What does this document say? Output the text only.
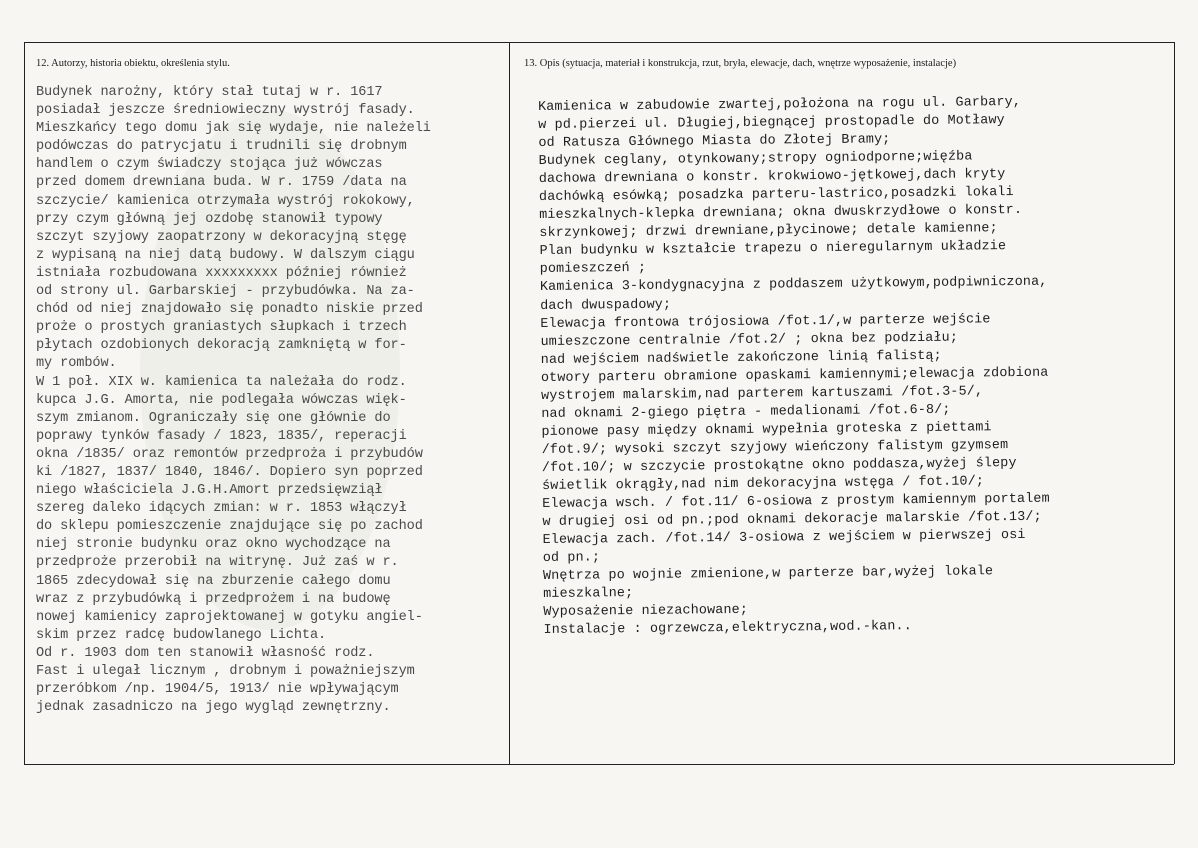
12. Autorzy, historia obiektu, określenia stylu.	13. Opis (sytuacja, materiał i konstrukcja, rzut, bryła, elewacje, dach, wnętrze wyposażenie, instalacje)
Budynek narożny, który stał tutaj w r. 1617
posiadał jeszcze średniowieczny wystrój fasady.
Mieszkańcy tego domu jak się wydaje, nie należeli
podówczas do patrycjatu i trudnili się drobnym
handlem o czym świadczy stojąca już wówczas
przed domem drewniana buda. W r. 1759 /data na
szczycie/ kamienica otrzymała wystrój rokokowy,
przy czym główną jej ozdobę stanowił typowy
szczyt szyjowy zaopatrzony w dekoracyjną stęgę
z wypisaną na niej datą budowy. W dalszym ciągu
istniała rozbudowana xxxxxxxxx później również
od strony ul. Garbarskiej - przybudówka. Na za-
chód od niej znajdowało się ponadto niskie przed
proże o prostych graniastych słupkach i trzech
płytach ozdobionych dekoracją zamkniętą w for-
my rombów.
W 1 poł. XIX w. kamienica ta należała do rodz.
kupca J.G. Amorta, nie podlegała wówczas więk-
szym zmianom. Ograniczały się one głównie do
poprawy tynków fasady / 1823, 1835/, reperacji
okna /1835/ oraz remontów przedproża i przybudów
ki /1827, 1837/ 1840, 1846/. Dopiero syn poprzed
niego właściciela J.G.H.Amort przedsięwziął
szereg daleko idących zmian: w r. 1853 włączył
do sklepu pomieszczenie znajdujące się po zachod
niej stronie budynku oraz okno wychodzące na
przedproże przerobił na witrynę. Już zaś w r.
1865 zdecydował się na zburzenie całego domu
wraz z przybudówką i przedprożem i na budowę
nowej kamienicy zaprojektowanej w gotyku angiel-
skim przez radcę budowlanego Lichta.
Od r. 1903 dom ten stanowił własność rodz.
Fast i ulegał licznym , drobnym i poważniejszym
przeróbkom /np. 1904/5, 1913/ nie wpływającym
jednak zasadniczo na jego wygląd zewnętrzny.
Kamienica w zabudowie zwartej,położona na rogu ul. Garbary,
w pd.pierzei ul. Długiej,biegnącej prostopadle do Motławy
od Ratusza Głównego Miasta do Złotej Bramy;
Budynek ceglany, otynkowany;stropy ogniodporne;więźba
dachowa drewniana o konstr. krokwiowo-jętkowej,dach kryty
dachówką esówką; posadzka parteru-lastrico,posadzki lokali
mieszkalnych-klepka drewniana; okna dwuskrzydłowe o konstr.
skrzynkowej; drzwi drewniane,płycinowe; detale kamienne;
Plan budynku w kształcie trapezu o nieregularnym układzie
pomieszczeń ;
Kamienica 3-kondygnacyjna z poddaszem użytkowym,podpiwniczona,
dach dwuspadowy;
Elewacja frontowa trójosiowa /fot.1/,w parterze wejście
umieszczone centralnie /fot.2/ ; okna bez podziału;
nad wejściem nadświetle zakończone linią falistą;
otwory parteru obramione opaskami kamiennymi;elewacja zdobiona
wystrojem malarskim,nad parterem kartuszami /fot.3-5/,
nad oknami 2-giego piętra - medalionami /fot.6-8/;
pionowe pasy między oknami wypełnia groteska z piettami
/fot.9/; wysoki szczyt szyjowy wieńczony falistym gzymsem
/fot.10/; w szczycie prostokątne okno poddasza,wyżej ślepy
świetlik okrągły,nad nim dekoracyjna wstęga / fot.10/;
Elewacja wsch. / fot.11/ 6-osiowa z prostym kamiennym portalem
w drugiej osi od pn.;pod oknami dekoracje malarskie /fot.13/;
Elewacja zach. /fot.14/ 3-osiowa z wejściem w pierwszej osi
od pn.;
Wnętrza po wojnie zmienione,w parterze bar,wyżej lokale
mieszkalne;
Wyposażenie niezachowane;
Instalacje : ogrzewcza,elektryczna,wod.-kan..
